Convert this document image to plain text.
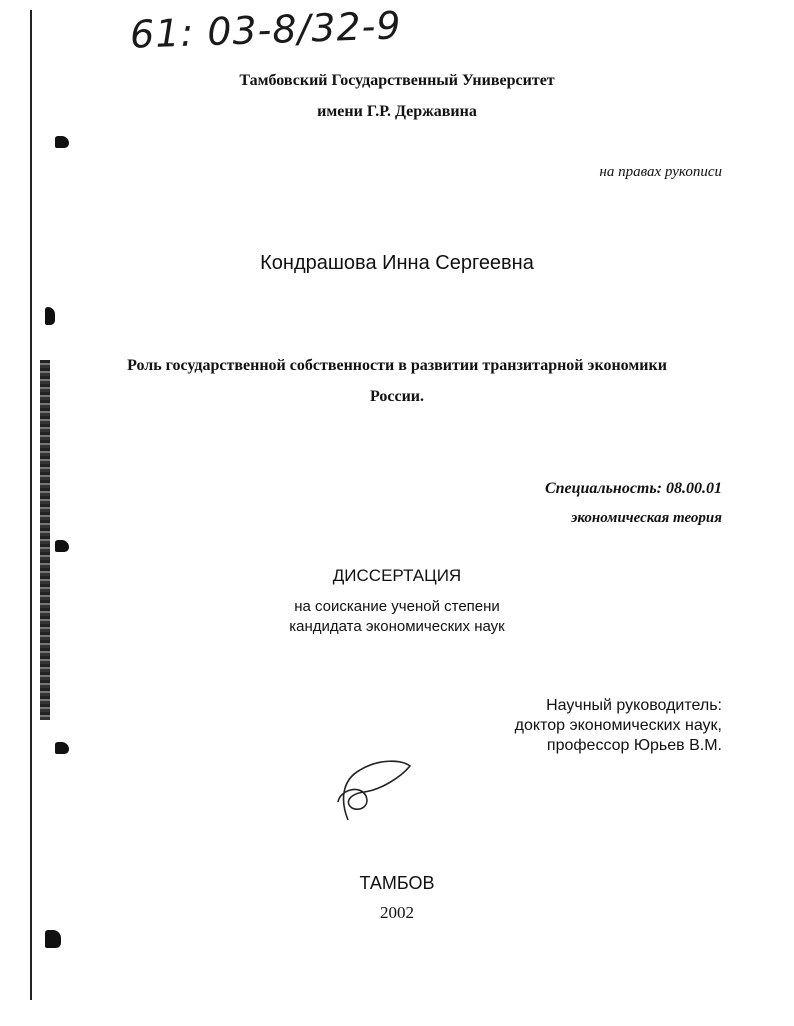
61: 03-8/32-9
Тамбовский Государственный Университет
имени Г.Р. Державина
на правах рукописи
Кондрашова Инна Сергеевна
Роль государственной собственности в развитии транзитарной экономики
России.
Специальность: 08.00.01
экономическая теория
ДИССЕРТАЦИЯ
на соискание ученой степени
кандидата экономических наук
Научный руководитель:
доктор экономических наук,
профессор Юрьев В.М.
ТАМБОВ
2002
